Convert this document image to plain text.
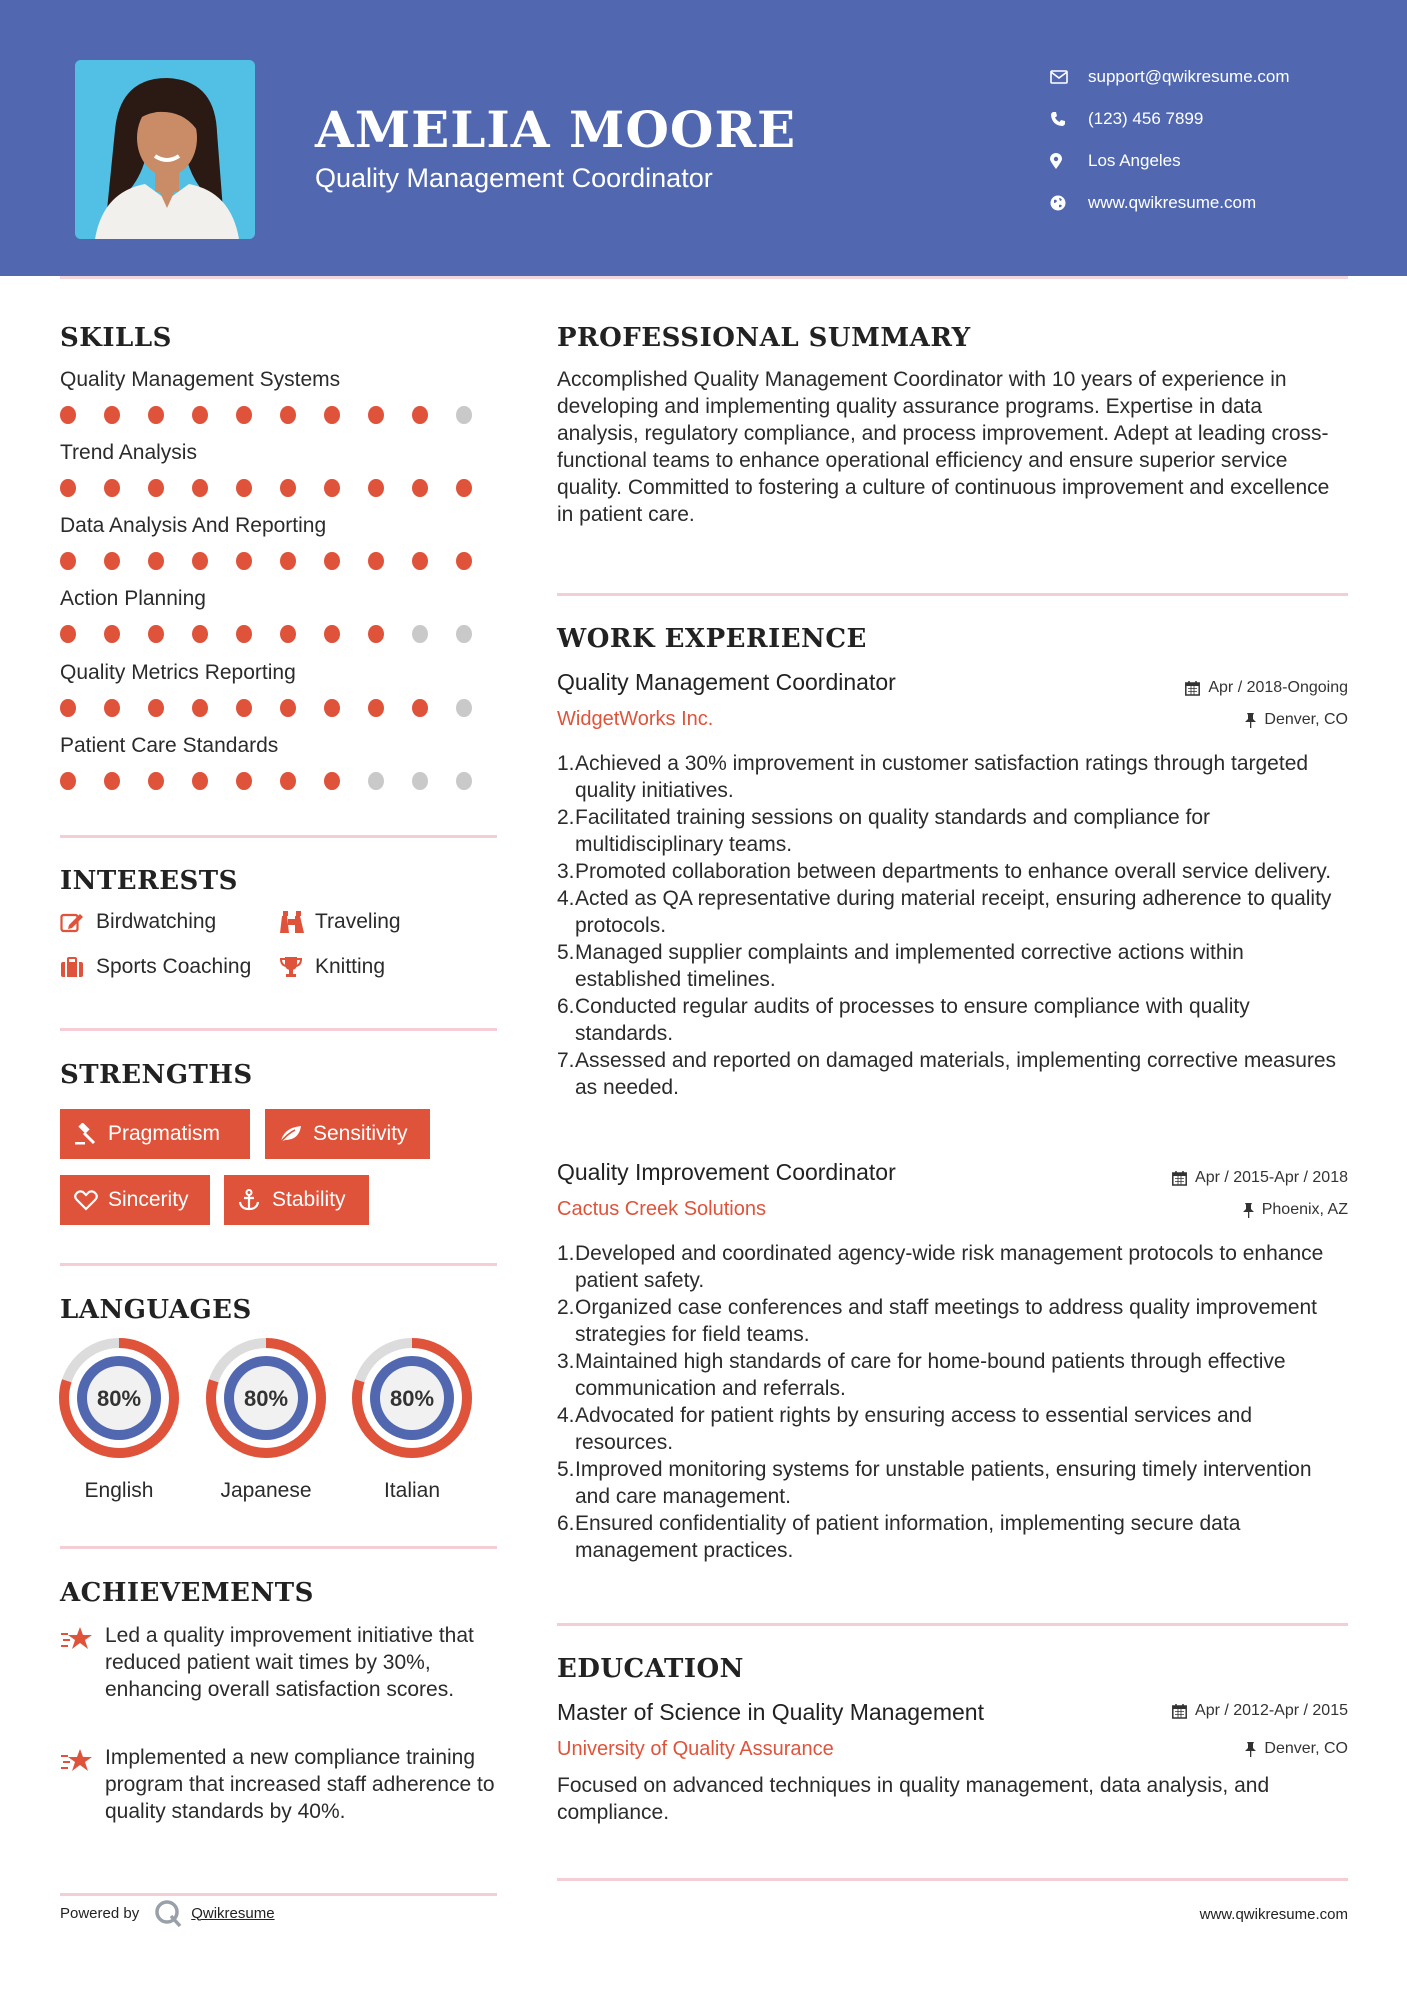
AMELIA MOORE
Quality Management Coordinator
support@qwikresume.com
(123) 456 7899
Los Angeles
www.qwikresume.com
SKILLS
Quality Management Systems
Trend Analysis
Data Analysis And Reporting
Action Planning
Quality Metrics Reporting
Patient Care Standards
INTERESTS
Birdwatching	Traveling
Sports Coaching	Knitting
STRENGTHS
Pragmatism	Sensitivity
Sincerity	Stability
LANGUAGES
80%
English
80%
Japanese
80%
Italian
ACHIEVEMENTS
Led a quality improvement initiative that reduced patient wait times by 30%, enhancing overall satisfaction scores.
Implemented a new compliance training program that increased staff adherence to quality standards by 40%.
PROFESSIONAL SUMMARY
Accomplished Quality Management Coordinator with 10 years of experience in developing and implementing quality assurance programs. Expertise in data analysis, regulatory compliance, and process improvement. Adept at leading cross-functional teams to enhance operational efficiency and ensure superior service quality. Committed to fostering a culture of continuous improvement and excellence in patient care.
WORK EXPERIENCE
Quality Management Coordinator	Apr / 2018-Ongoing
WidgetWorks Inc.	Denver, CO
1. Achieved a 30% improvement in customer satisfaction ratings through targeted quality initiatives.
2. Facilitated training sessions on quality standards and compliance for multidisciplinary teams.
3. Promoted collaboration between departments to enhance overall service delivery.
4. Acted as QA representative during material receipt, ensuring adherence to quality protocols.
5. Managed supplier complaints and implemented corrective actions within established timelines.
6. Conducted regular audits of processes to ensure compliance with quality standards.
7. Assessed and reported on damaged materials, implementing corrective measures as needed.
Quality Improvement Coordinator	Apr / 2015-Apr / 2018
Cactus Creek Solutions	Phoenix, AZ
1. Developed and coordinated agency-wide risk management protocols to enhance patient safety.
2. Organized case conferences and staff meetings to address quality improvement strategies for field teams.
3. Maintained high standards of care for home-bound patients through effective communication and referrals.
4. Advocated for patient rights by ensuring access to essential services and resources.
5. Improved monitoring systems for unstable patients, ensuring timely intervention and care management.
6. Ensured confidentiality of patient information, implementing secure data management practices.
EDUCATION
Master of Science in Quality Management	Apr / 2012-Apr / 2015
University of Quality Assurance	Denver, CO
Focused on advanced techniques in quality management, data analysis, and compliance.
Powered by	Qwikresume	www.qwikresume.com
